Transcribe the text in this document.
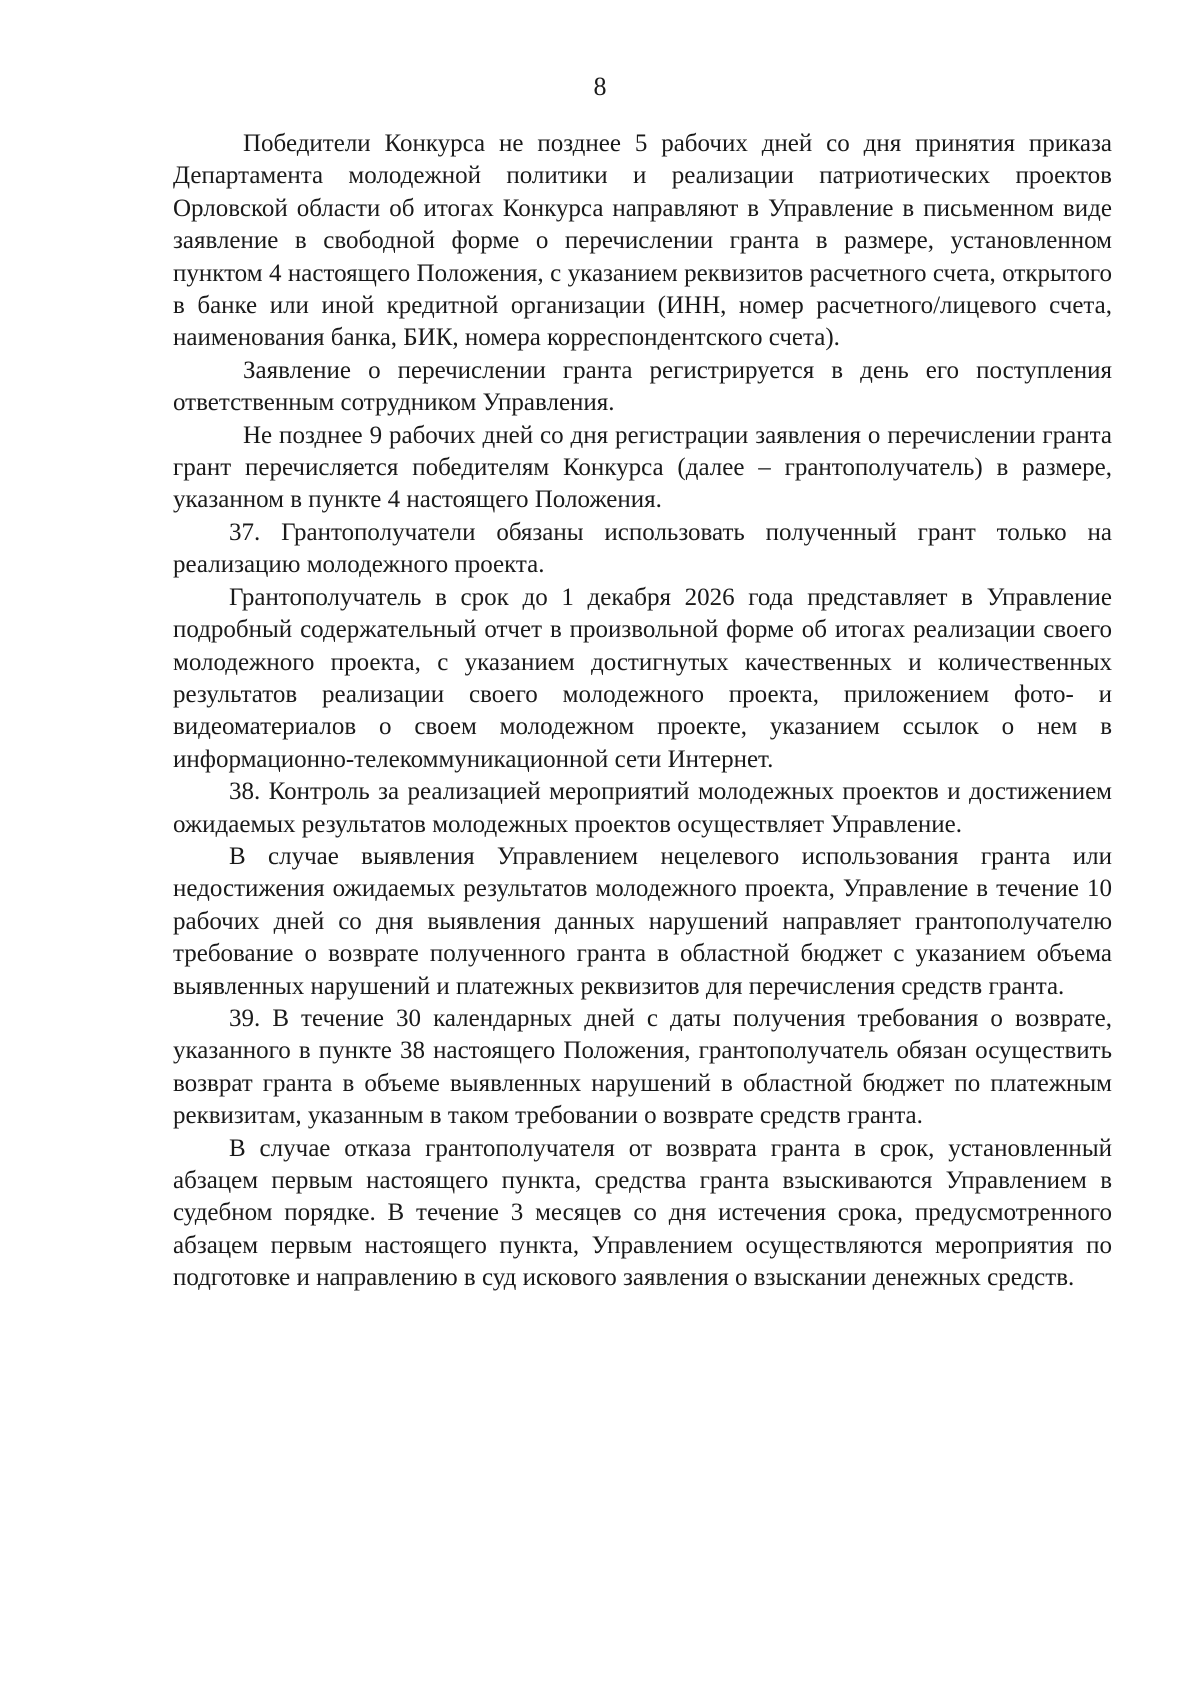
8

Победители Конкурса не позднее 5 рабочих дней со дня принятия приказа Департамента молодежной политики и реализации патриотических проектов Орловской области об итогах Конкурса направляют в Управление в письменном виде заявление в свободной форме о перечислении гранта в размере, установленном пунктом 4 настоящего Положения, с указанием реквизитов расчетного счета, открытого в банке или иной кредитной организации (ИНН, номер расчетного/лицевого счета, наименования банка, БИК, номера корреспондентского счета).

Заявление о перечислении гранта регистрируется в день его поступления ответственным сотрудником Управления.

Не позднее 9 рабочих дней со дня регистрации заявления о перечислении гранта грант перечисляется победителям Конкурса (далее – грантополучатель) в размере, указанном в пункте 4 настоящего Положения.

37. Грантополучатели обязаны использовать полученный грант только на реализацию молодежного проекта.

Грантополучатель в срок до 1 декабря 2026 года представляет в Управление подробный содержательный отчет в произвольной форме об итогах реализации своего молодежного проекта, с указанием достигнутых качественных и количественных результатов реализации своего молодежного проекта, приложением фото- и видеоматериалов о своем молодежном проекте, указанием ссылок о нем в информационно-телекоммуникационной сети Интернет.

38. Контроль за реализацией мероприятий молодежных проектов и достижением ожидаемых результатов молодежных проектов осуществляет Управление.

В случае выявления Управлением нецелевого использования гранта или недостижения ожидаемых результатов молодежного проекта, Управление в течение 10 рабочих дней со дня выявления данных нарушений направляет грантополучателю требование о возврате полученного гранта в областной бюджет с указанием объема выявленных нарушений и платежных реквизитов для перечисления средств гранта.

39. В течение 30 календарных дней с даты получения требования о возврате, указанного в пункте 38 настоящего Положения, грантополучатель обязан осуществить возврат гранта в объеме выявленных нарушений в областной бюджет по платежным реквизитам, указанным в таком требовании о возврате средств гранта.

В случае отказа грантополучателя от возврата гранта в срок, установленный абзацем первым настоящего пункта, средства гранта взыскиваются Управлением в судебном порядке. В течение 3 месяцев со дня истечения срока, предусмотренного абзацем первым настоящего пункта, Управлением осуществляются мероприятия по подготовке и направлению в суд искового заявления о взыскании денежных средств.
